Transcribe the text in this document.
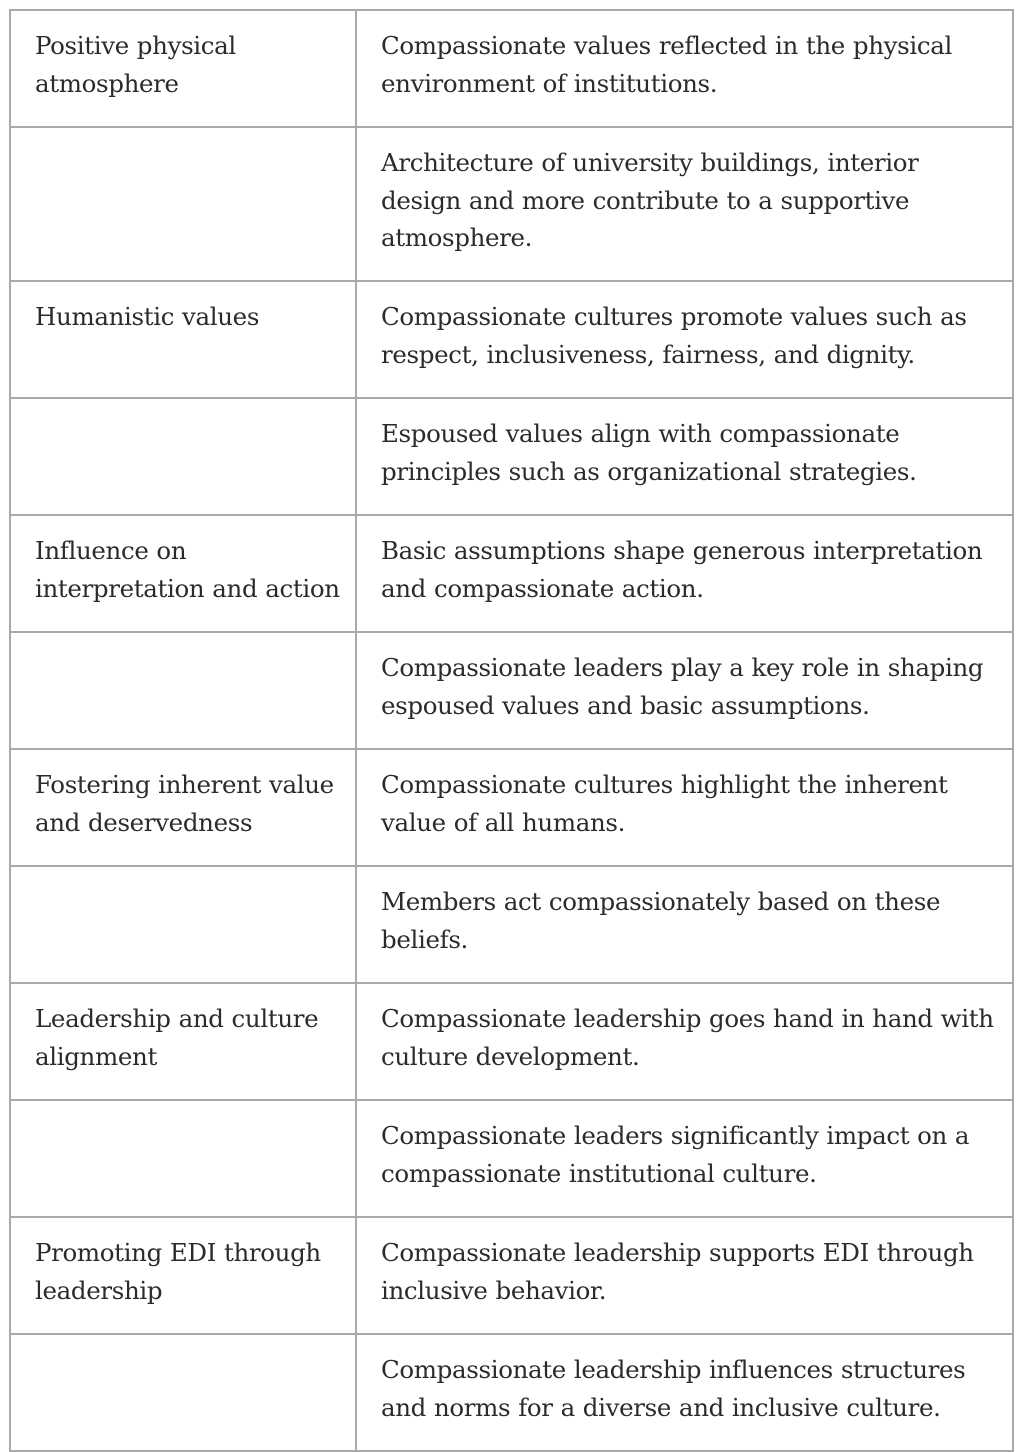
Positive physical atmosphere	Compassionate values reflected in the physical environment of institutions.
	Architecture of university buildings, interior design and more contribute to a supportive atmosphere.
Humanistic values	Compassionate cultures promote values such as respect, inclusiveness, fairness, and dignity.
	Espoused values align with compassionate principles such as organizational strategies.
Influence on interpretation and action	Basic assumptions shape generous interpretation and compassionate action.
	Compassionate leaders play a key role in shaping espoused values and basic assumptions.
Fostering inherent value and deservedness	Compassionate cultures highlight the inherent value of all humans.
	Members act compassionately based on these beliefs.
Leadership and culture alignment	Compassionate leadership goes hand in hand with culture development.
	Compassionate leaders significantly impact on a compassionate institutional culture.
Promoting EDI through leadership	Compassionate leadership supports EDI through inclusive behavior.
	Compassionate leadership influences structures and norms for a diverse and inclusive culture.
